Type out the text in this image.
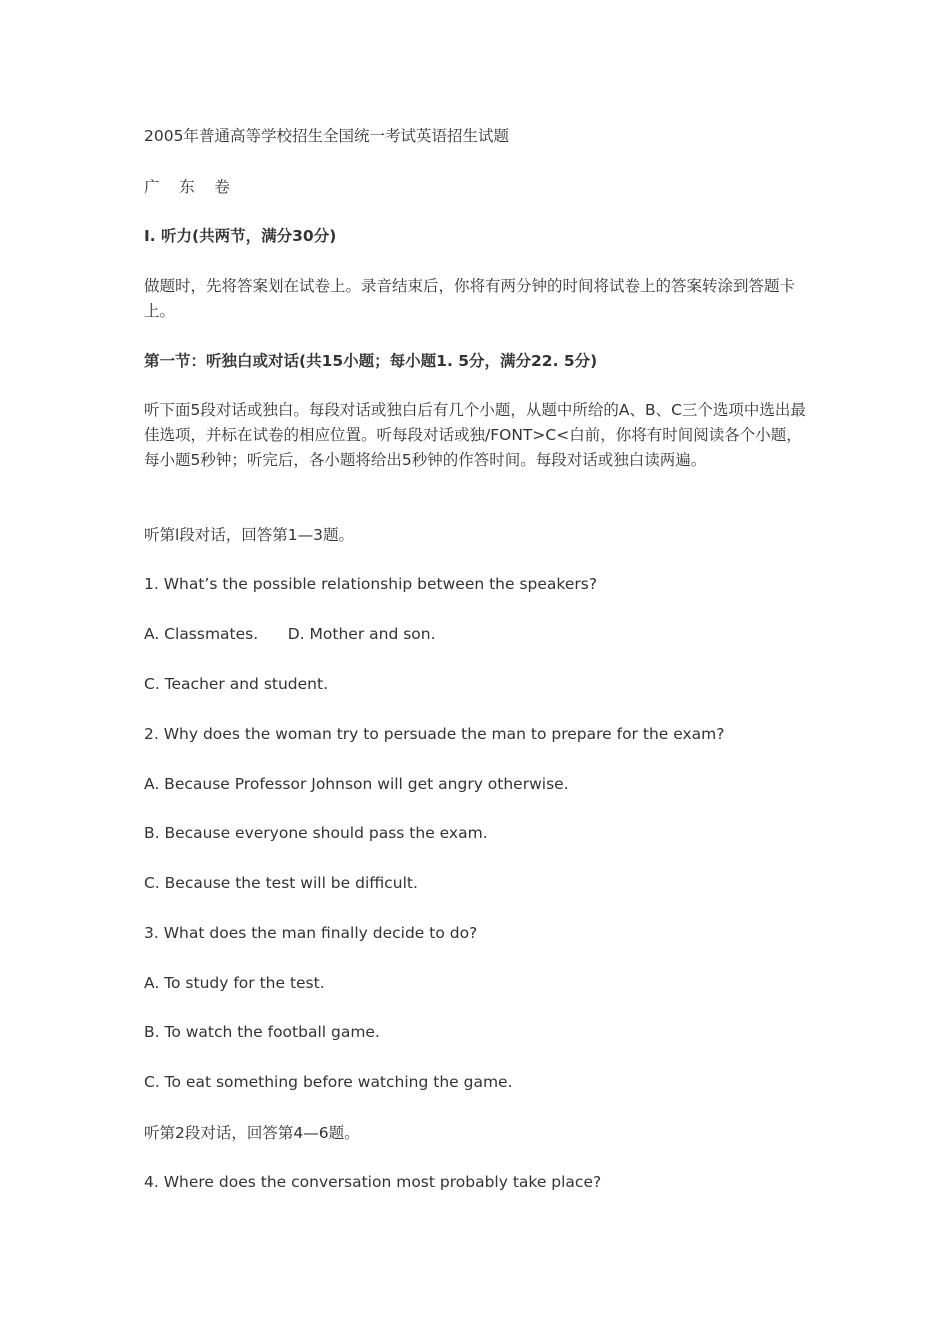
2005年普通高等学校招生全国统一考试英语招生试题
广    东    卷
I. 听力(共两节，满分30分)
做题时，先将答案划在试卷上。录音结束后，你将有两分钟的时间将试卷上的答案转涂到答题卡上。
第一节：听独白或对话(共15小题；每小题1. 5分，满分22. 5分)
听下面5段对话或独白。每段对话或独白后有几个小题，从题中所给的A、B、C三个选项中选出最佳选项，并标在试卷的相应位置。听每段对话或独/FONT>C<白前，你将有时间阅读各个小题，每小题5秒钟；听完后，各小题将给出5秒钟的作答时间。每段对话或独白读两遍。
听第l段对话，回答第1—3题。
1. What’s the possible relationship between the speakers?
A. Classmates.      D. Mother and son.
C. Teacher and student.
2. Why does the woman try to persuade the man to prepare for the exam?
A. Because Professor Johnson will get angry otherwise.
B. Because everyone should pass the exam.
C. Because the test will be difficult.
3. What does the man finally decide to do?
A. To study for the test.
B. To watch the football game.
C. To eat something before watching the game.
听第2段对话，回答第4—6题。
4. Where does the conversation most probably take place?
